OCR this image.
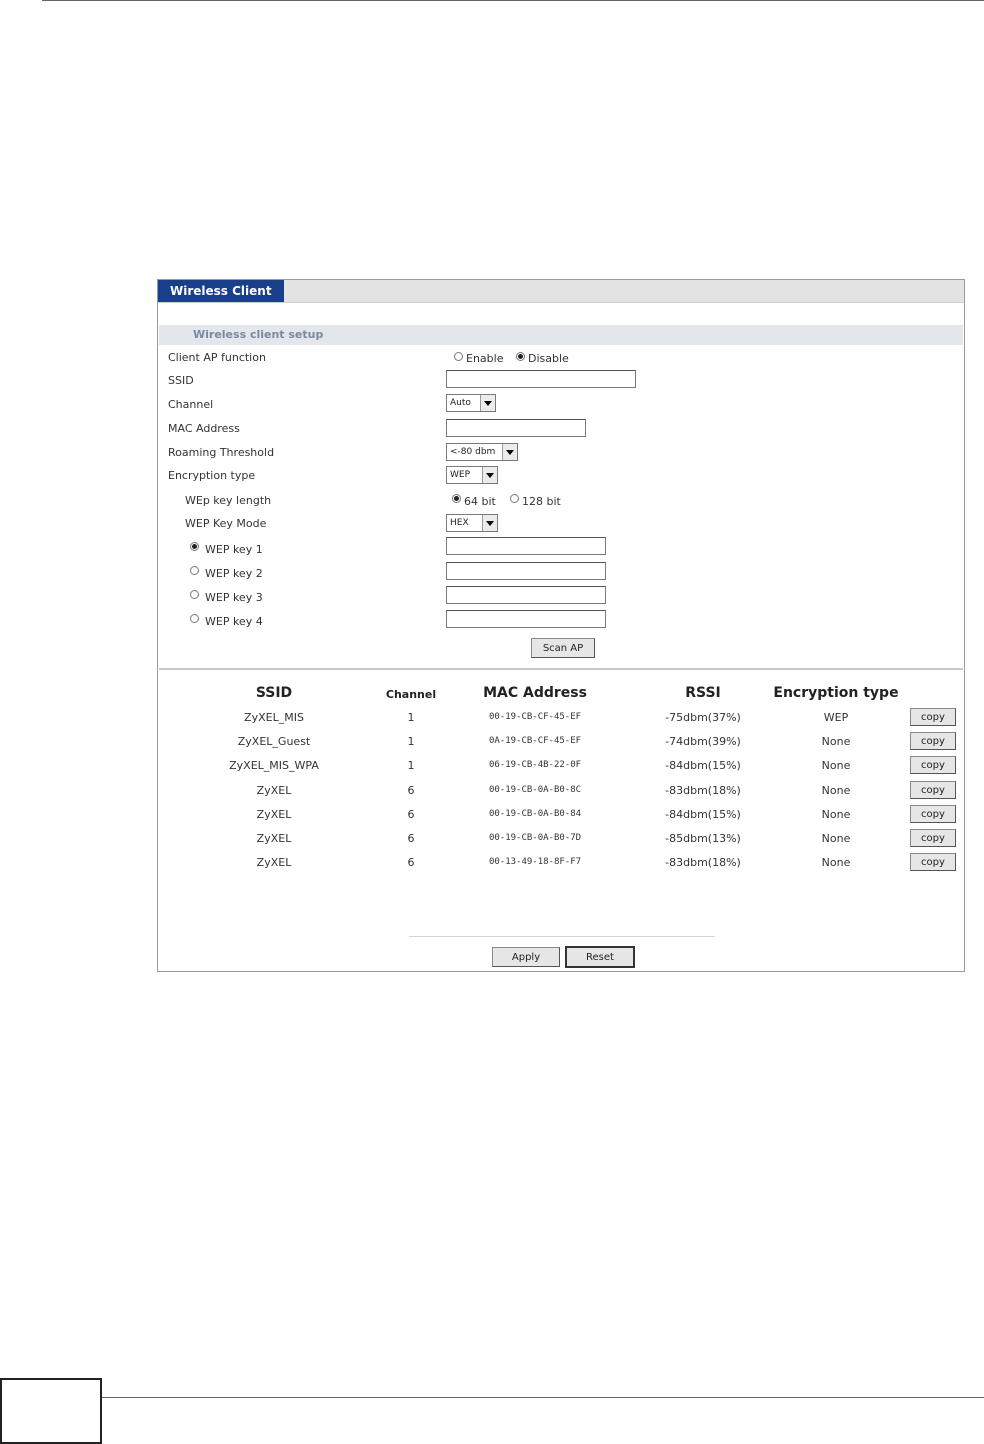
Wireless Client
Wireless client setup
Client AP function	Enable Disable
SSID
Channel	Auto
MAC Address
Roaming Threshold	<-80 dbm
Encryption type	WEP
WEp key length	64 bit 128 bit
WEP Key Mode	HEX
WEP key 1
WEP key 2
WEP key 3
WEP key 4
Scan AP
SSID	Channel	MAC Address	RSSI	Encryption type
ZyXEL_MIS	1	00-19-CB-CF-45-EF	-75dbm(37%)	WEP	copy
ZyXEL_Guest	1	0A-19-CB-CF-45-EF	-74dbm(39%)	None	copy
ZyXEL_MIS_WPA	1	06-19-CB-4B-22-0F	-84dbm(15%)	None	copy
ZyXEL	6	00-19-CB-0A-B0-8C	-83dbm(18%)	None	copy
ZyXEL	6	00-19-CB-0A-B0-84	-84dbm(15%)	None	copy
ZyXEL	6	00-19-CB-0A-B0-7D	-85dbm(13%)	None	copy
ZyXEL	6	00-13-49-18-8F-F7	-83dbm(18%)	None	copy
Apply	Reset
